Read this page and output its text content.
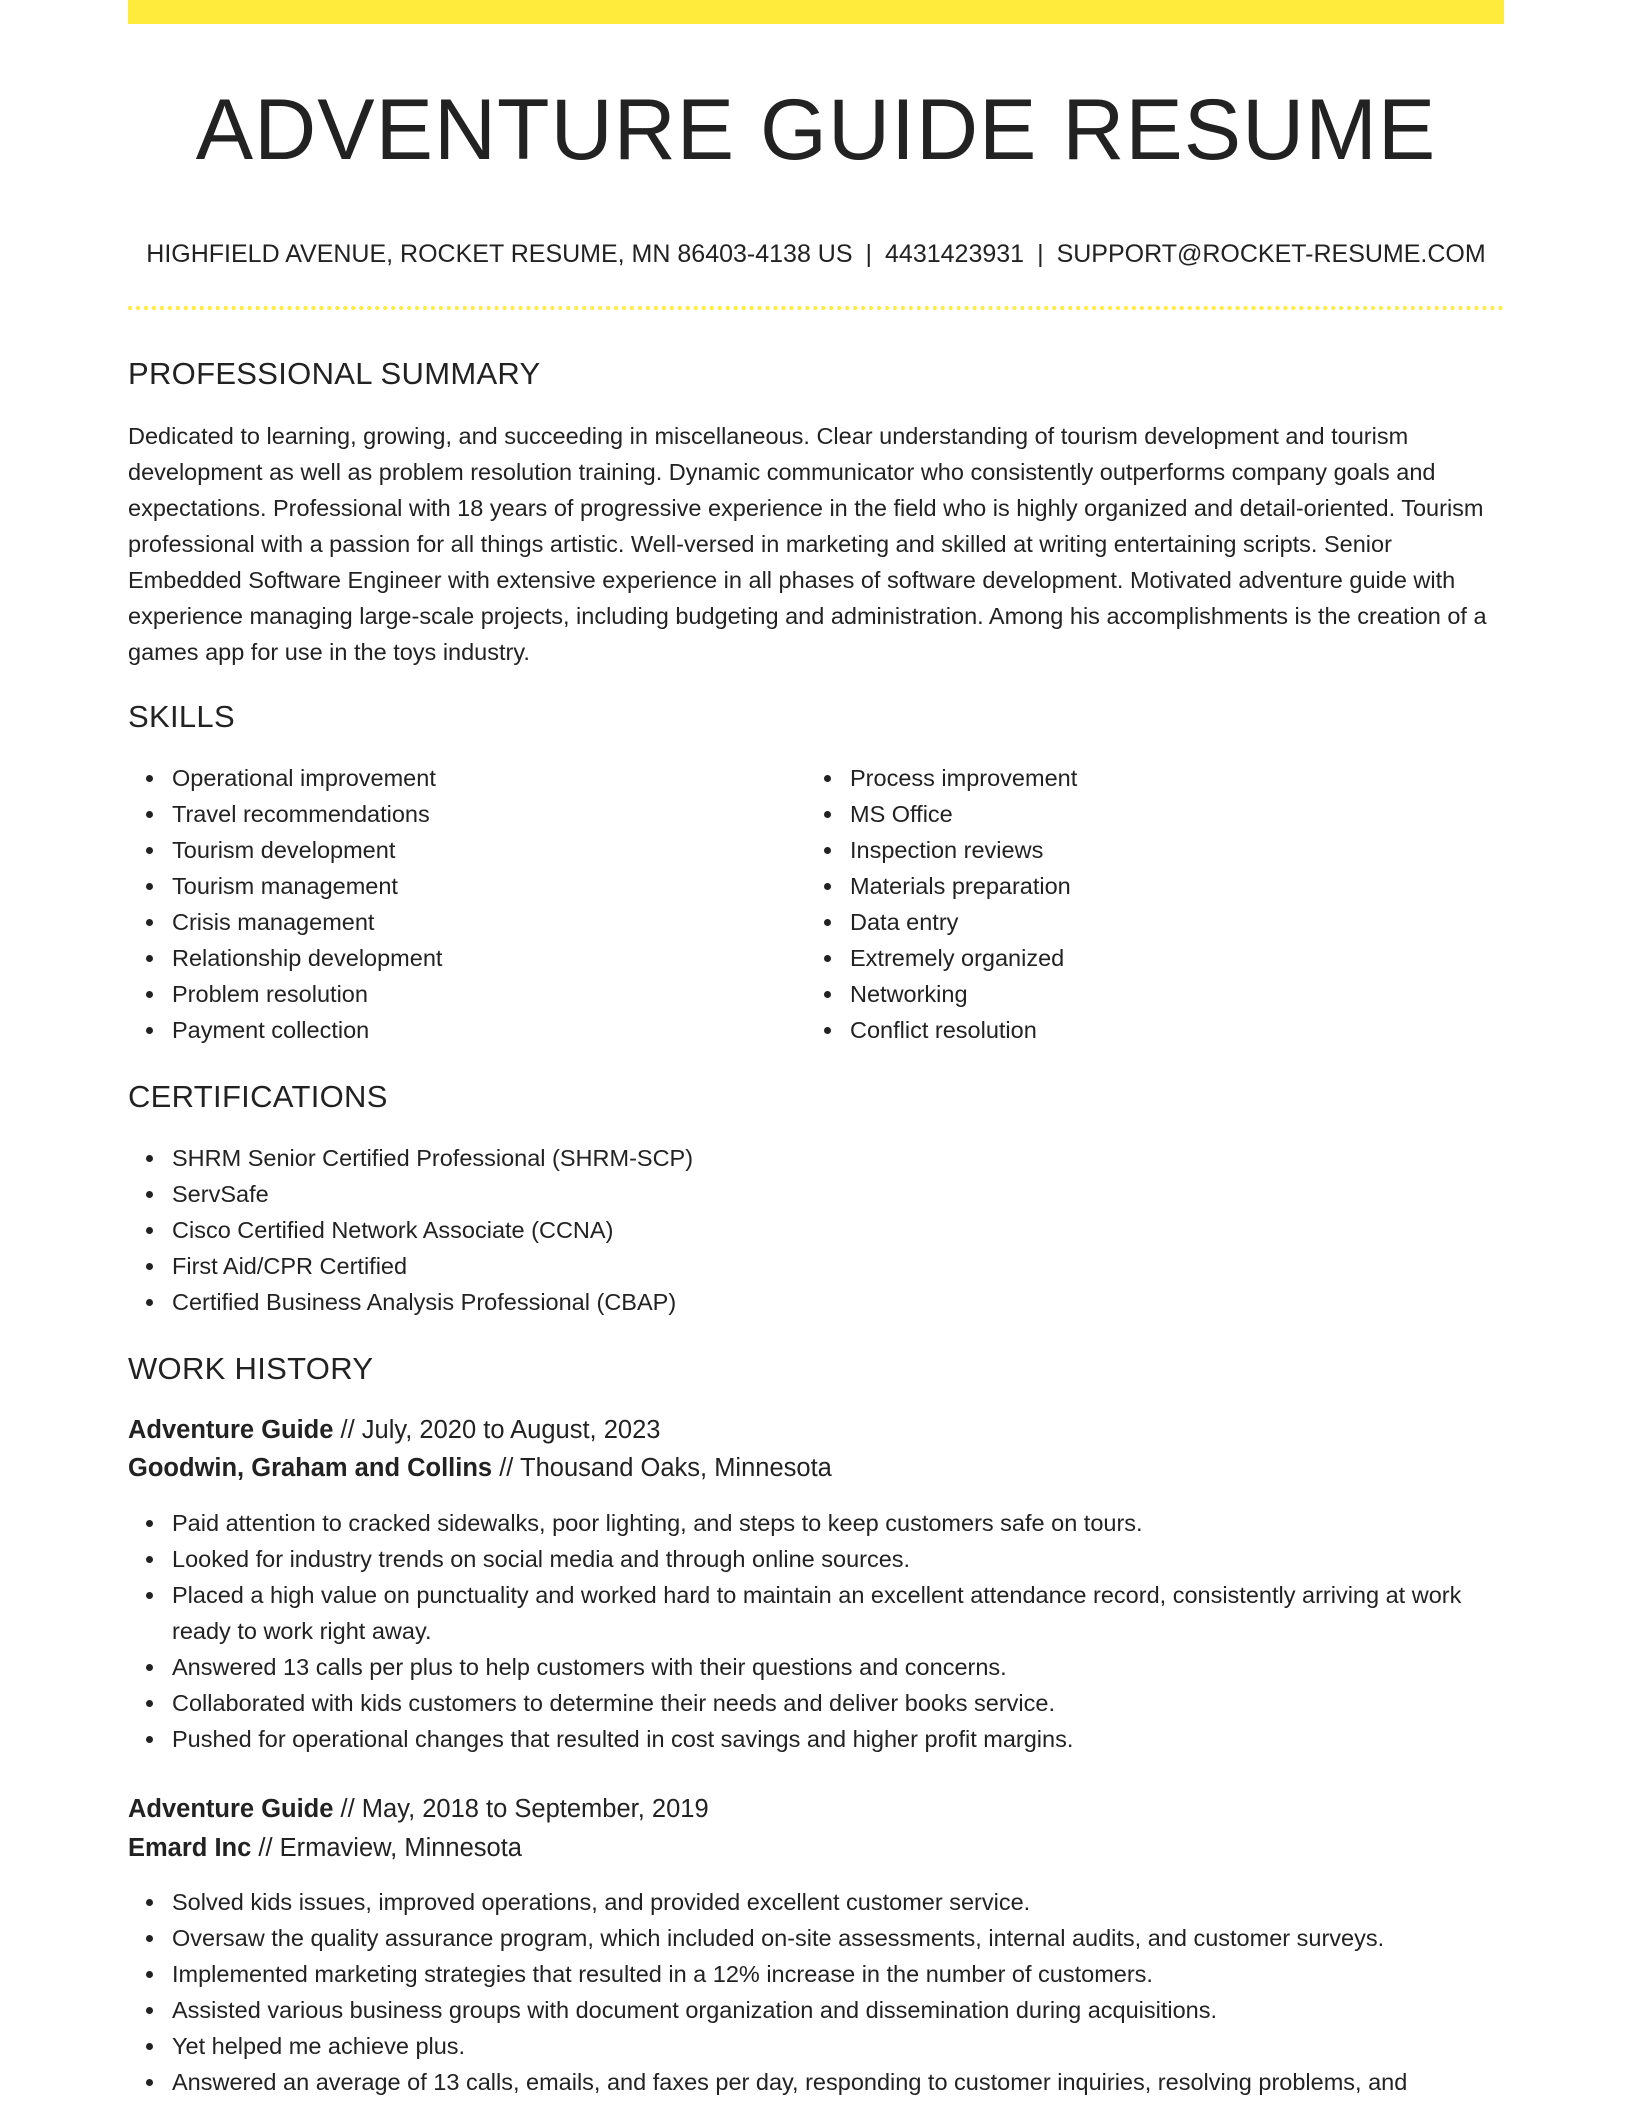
ADVENTURE GUIDE RESUME
HIGHFIELD AVENUE, ROCKET RESUME, MN 86403-4138 US | 4431423931 | SUPPORT@ROCKET-RESUME.COM
PROFESSIONAL SUMMARY

Dedicated to learning, growing, and succeeding in miscellaneous. Clear understanding of tourism development and tourism development as well as problem resolution training. Dynamic communicator who consistently outperforms company goals and expectations. Professional with 18 years of progressive experience in the field who is highly organized and detail-oriented. Tourism professional with a passion for all things artistic. Well-versed in marketing and skilled at writing entertaining scripts. Senior Embedded Software Engineer with extensive experience in all phases of software development. Motivated adventure guide with experience managing large-scale projects, including budgeting and administration. Among his accomplishments is the creation of a games app for use in the toys industry.

SKILLS
Operational improvement
Travel recommendations
Tourism development
Tourism management
Crisis management
Relationship development
Problem resolution
Payment collection
Process improvement
MS Office
Inspection reviews
Materials preparation
Data entry
Extremely organized
Networking
Conflict resolution
CERTIFICATIONS
SHRM Senior Certified Professional (SHRM-SCP)
ServSafe
Cisco Certified Network Associate (CCNA)
First Aid/CPR Certified
Certified Business Analysis Professional (CBAP)
WORK HISTORY
Adventure Guide // July, 2020 to August, 2023
Goodwin, Graham and Collins // Thousand Oaks, Minnesota
Paid attention to cracked sidewalks, poor lighting, and steps to keep customers safe on tours.
Looked for industry trends on social media and through online sources.
Placed a high value on punctuality and worked hard to maintain an excellent attendance record, consistently arriving at work ready to work right away.
Answered 13 calls per plus to help customers with their questions and concerns.
Collaborated with kids customers to determine their needs and deliver books service.
Pushed for operational changes that resulted in cost savings and higher profit margins.
Adventure Guide // May, 2018 to September, 2019
Emard Inc // Ermaview, Minnesota
Solved kids issues, improved operations, and provided excellent customer service.
Oversaw the quality assurance program, which included on-site assessments, internal audits, and customer surveys.
Implemented marketing strategies that resulted in a 12% increase in the number of customers.
Assisted various business groups with document organization and dissemination during acquisitions.
Yet helped me achieve plus.
Answered an average of 13 calls, emails, and faxes per day, responding to customer inquiries, resolving problems, and
